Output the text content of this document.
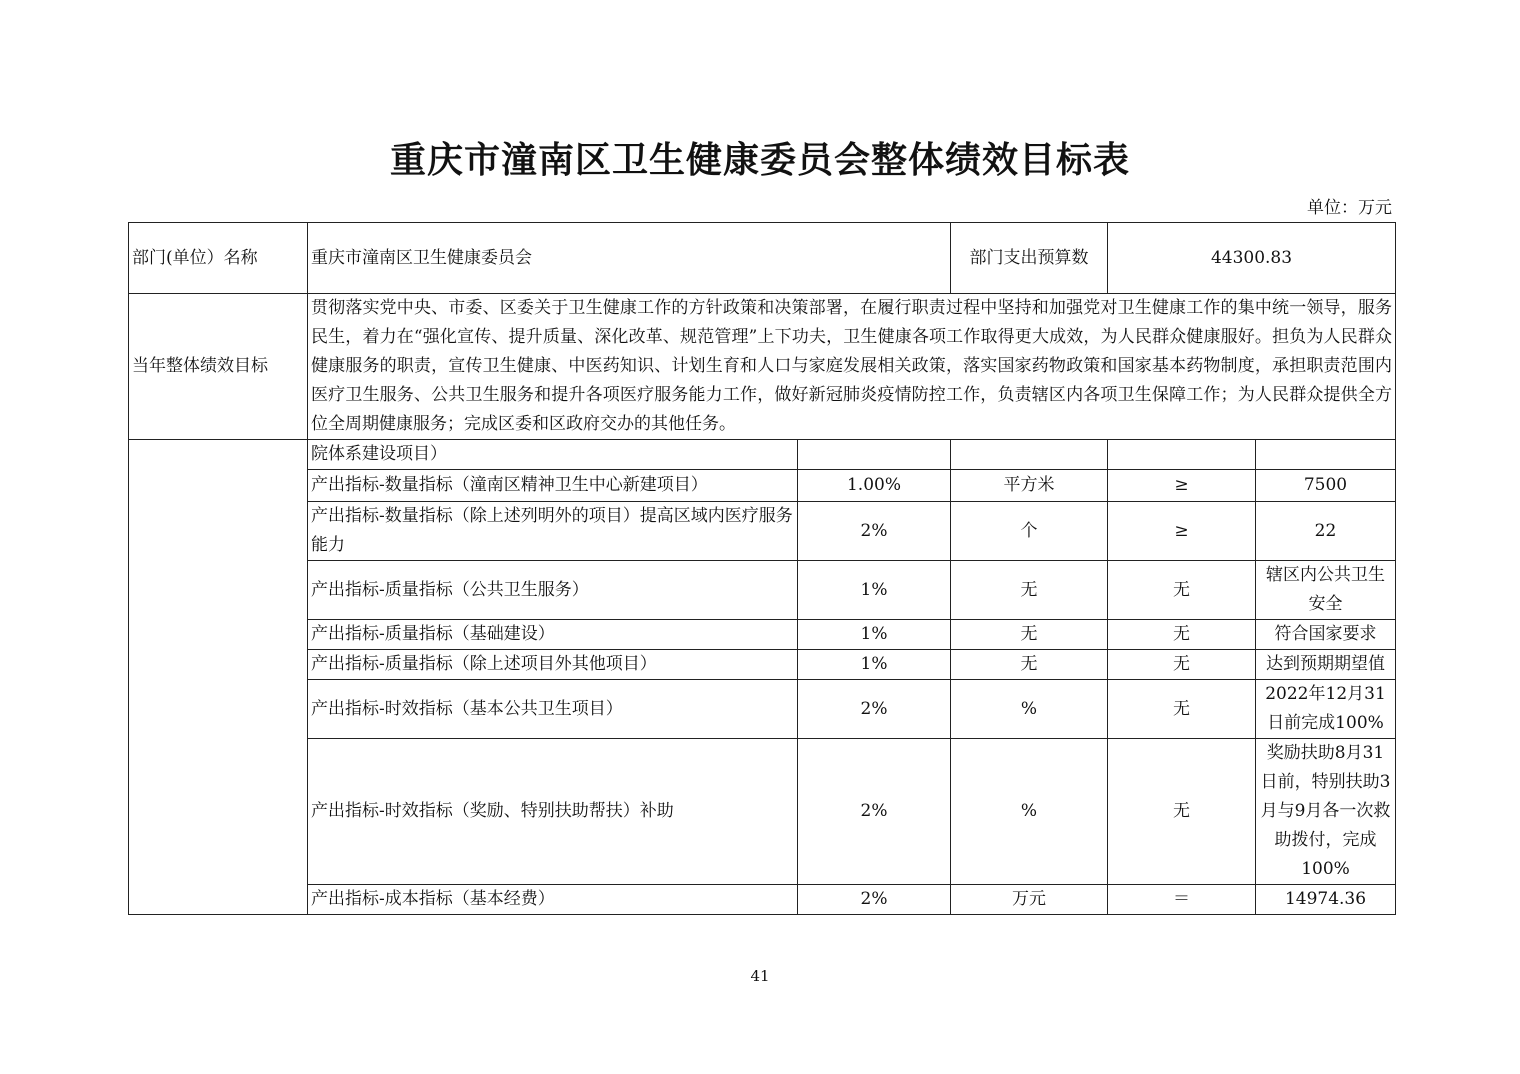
重庆市潼南区卫生健康委员会整体绩效目标表
单位：万元
部门(单位）名称	重庆市潼南区卫生健康委员会		部门支出预算数	44300.83	
当年整体绩效目标	贯彻落实党中央、市委、区委关于卫生健康工作的方针政策和决策部署，在履行职责过程中坚持和加强党对卫生健康工作的集中统一领导，服务民生，着力在“强化宣传、提升质量、深化改革、规范管理”上下功夫，卫生健康各项工作取得更大成效，为人民群众健康服好。担负为人民群众健康服务的职责，宣传卫生健康、中医药知识、计划生育和人口与家庭发展相关政策，落实国家药物政策和国家基本药物制度，承担职责范围内医疗卫生服务、公共卫生服务和提升各项医疗服务能力工作，做好新冠肺炎疫情防控工作，负责辖区内各项卫生保障工作；为人民群众提供全方位全周期健康服务；完成区委和区政府交办的其他任务。				
	院体系建设项目）				
	产出指标-数量指标（潼南区精神卫生中心新建项目）	1.00%	平方米	≥	7500
	产出指标-数量指标（除上述列明外的项目）提高区域内医疗服务能力	2%	个	≥	22
	产出指标-质量指标（公共卫生服务）	1%	无	无	辖区内公共卫生安全
	产出指标-质量指标（基础建设）	1%	无	无	符合国家要求
	产出指标-质量指标（除上述项目外其他项目）	1%	无	无	达到预期期望值
	产出指标-时效指标（基本公共卫生项目）	2%	%	无	2022年12月31日前完成100%
	产出指标-时效指标（奖励、特别扶助帮扶）补助	2%	%	无	奖励扶助8月31日前，特别扶助3月与9月各一次救助拨付，完成100%
	产出指标-成本指标（基本经费）	2%	万元	＝	14974.36
41
